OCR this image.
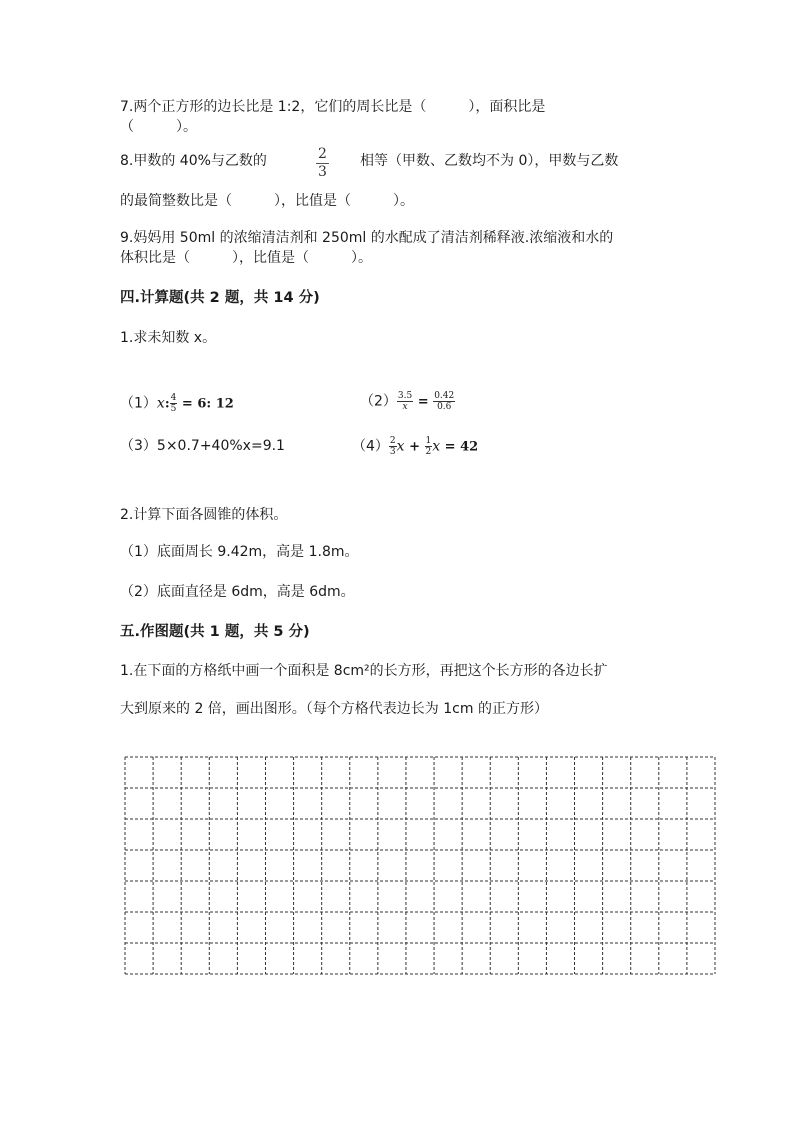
7.两个正方形的边长比是 1:2，它们的周长比是（　　　），面积比是
（　　　）。
8.甲数的 40%与乙数的	$\frac{2}{3}$ 相等（甲数、乙数均不为 0），甲数与乙数
的最简整数比是（　　　），比值是（　　　）。
9.妈妈用 50ml 的浓缩清洁剂和 250ml 的水配成了清洁剂稀释液.浓缩液和水的
体积比是（　　　），比值是（　　　）。
四.计算题(共 2 题，共 14 分)
1.求未知数 x。
（1）x: $\frac{4}{5} = 6$: 12	$(2) \frac{3.5}{x} = \frac{0.42}{0.6}$
（3）5×0.7+40%x=9.1	$(4) \frac{2}{3}$ $x + \frac{1}{2}$ x = 42
2.计算下面各圆锥的体积。
（1）底面周长 9.42m，高是 1.8m。
（2）底面直径是 6dm，高是 6dm。
五.作图题(共 1 题，共 5 分)
1.在下面的方格纸中画一个面积是 8cm²的长方形，再把这个长方形的各边长扩
大到原来的 2 倍，画出图形。（每个方格代表边长为 1cm 的正方形）
